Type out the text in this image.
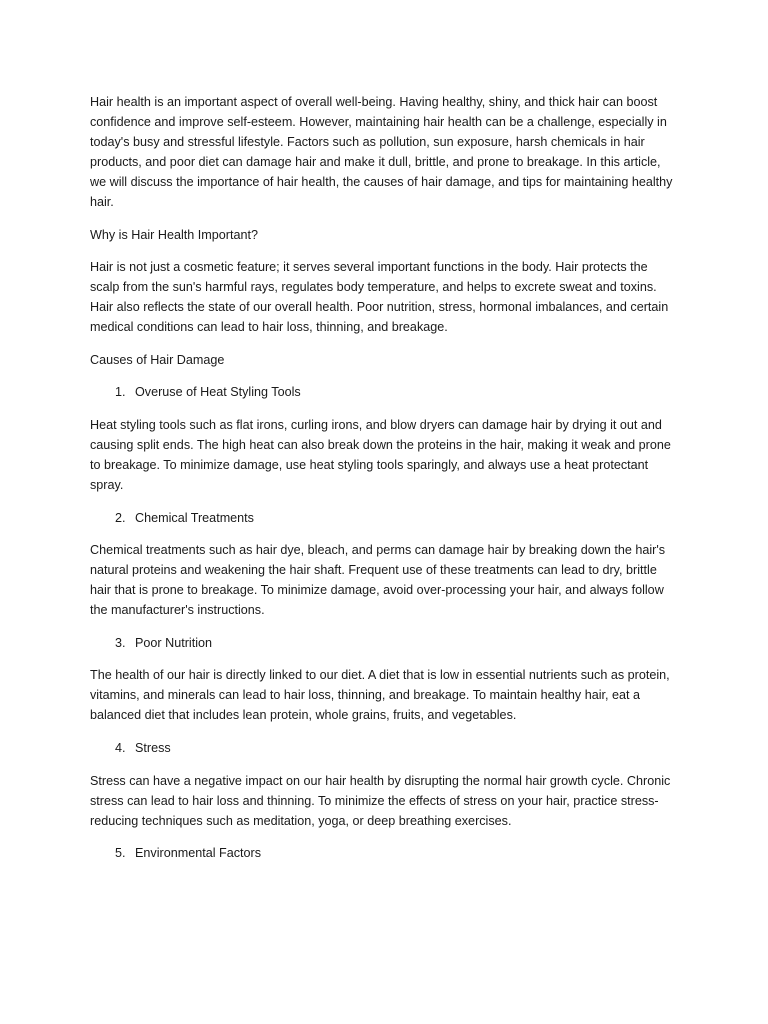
Hair health is an important aspect of overall well-being. Having healthy, shiny, and thick hair can boost confidence and improve self-esteem. However, maintaining hair health can be a challenge, especially in today's busy and stressful lifestyle. Factors such as pollution, sun exposure, harsh chemicals in hair products, and poor diet can damage hair and make it dull, brittle, and prone to breakage. In this article, we will discuss the importance of hair health, the causes of hair damage, and tips for maintaining healthy hair.

Why is Hair Health Important?

Hair is not just a cosmetic feature; it serves several important functions in the body. Hair protects the scalp from the sun's harmful rays, regulates body temperature, and helps to excrete sweat and toxins. Hair also reflects the state of our overall health. Poor nutrition, stress, hormonal imbalances, and certain medical conditions can lead to hair loss, thinning, and breakage.

Causes of Hair Damage

1. Overuse of Heat Styling Tools

Heat styling tools such as flat irons, curling irons, and blow dryers can damage hair by drying it out and causing split ends. The high heat can also break down the proteins in the hair, making it weak and prone to breakage. To minimize damage, use heat styling tools sparingly, and always use a heat protectant spray.

2. Chemical Treatments

Chemical treatments such as hair dye, bleach, and perms can damage hair by breaking down the hair's natural proteins and weakening the hair shaft. Frequent use of these treatments can lead to dry, brittle hair that is prone to breakage. To minimize damage, avoid over-processing your hair, and always follow the manufacturer's instructions.

3. Poor Nutrition

The health of our hair is directly linked to our diet. A diet that is low in essential nutrients such as protein, vitamins, and minerals can lead to hair loss, thinning, and breakage. To maintain healthy hair, eat a balanced diet that includes lean protein, whole grains, fruits, and vegetables.

4. Stress

Stress can have a negative impact on our hair health by disrupting the normal hair growth cycle. Chronic stress can lead to hair loss and thinning. To minimize the effects of stress on your hair, practice stress-reducing techniques such as meditation, yoga, or deep breathing exercises.

5. Environmental Factors
